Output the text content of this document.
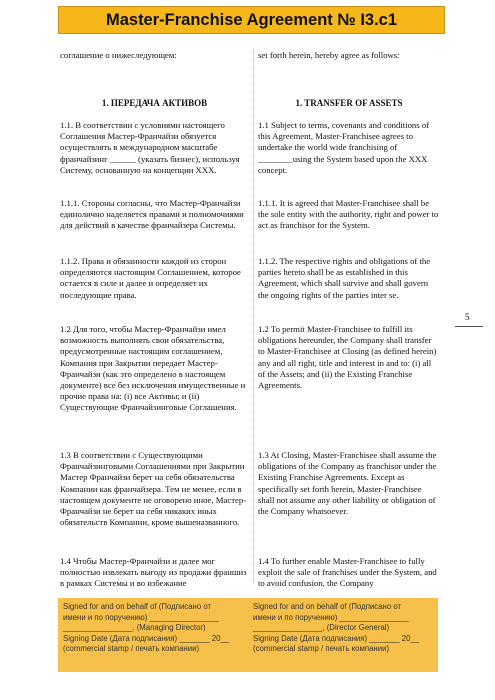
Master-Franchise Agreement № I3.c1
соглашение о нижеследующем:	set forth herein, hereby agree as follows:
1. ПЕРЕДАЧА АКТИВОВ	1. TRANSFER OF ASSETS
1.1. В соответствии с условиями настоящего Соглашения Мастер-Франчайзи обязуется осуществлять в международном масштабе франчайзинг ______ (указать бизнес), используя Систему, основанную на концепции XXX.
1.1 Subject to terms, covenants and conditions of this Agreement, Master-Franchisee agrees to undertake the world wide franchising of ________using the System based upon the XXX concept.
1.1.1. Стороны согласны, что Мастер-Франчайзи единолично наделяется правами и полномочиями для действий в качестве франчайзера Системы.
1.1.1. It is agreed that Master-Franchisee shall be the sole entity with the authority, right and power to act as franchisor for the System.
1.1.2. Права и обязанности каждой из сторон определяются настоящим Соглашением, которое остается в силе и далее и определяет их последующие права.
1.1.2. The respective rights and obligations of the parties hereto shall be as established in this Agreement, which shall survive and shall govern the ongoing rights of the parties inter se.
1.2 Для того, чтобы Мастер-Франчайзи имел возможность выполнять свои обязательства, предусмотренные настоящим соглашением, Компания при Закрытии передает Мастер-Франчайзи (как это определено в настоящем документе) все без исключения имущественные и прочие права на: (i) все Активы; и (ii) Существующие Франчайзинговые Соглашения.
1.2 To permit Master-Franchisee to fulfill its obligations hereunder, the Company shall transfer to Master-Franchisee at Closing (as defined herein) any and all right, title and interest in and to: (i) all of the Assets; and (ii) the Existing Franchise Agreements.
1.3 В соответствии с Существующими Франчайзинговыми Соглашениями при Закрытии Мастер Франчайзи берет на себя обязательства Компании как франчайзера. Тем не менее, если в настоящем документе не оговорено иное, Мастер-Франчайзи не берет на себя никаких иных обязательств Компании, кроме вышеназванного.
1.3 At Closing, Master-Franchisee shall assume the obligations of the Company as franchisor under the Existing Franchise Agreements. Except as specifically set forth herein, Master-Franchisee shall not assume any other liability or obligation of the Company whatsoever.
1.4 Чтобы Мастер-Франчайзи и далее мог полностью извлекать выгоду из продажи франшиз в рамках Системы и во избежание
1.4 To further enable Master-Franchisee to fully exploit the sale of franchises under the System, and to avoid confusion, the Company
5
Signed for and on behalf of (Подписано от
имени и по поручению) ________________
________________, (Managing Director)
Signing Date (Дата подписания) _______ 20__
(commercial stamp / печать компании)
Signed for and on behalf of (Подписано от
имени и по поручению) ________________
________________, (Director General)
Signing Date (Дата подписания) _______ 20__
(commercial stamp / печать компании)
